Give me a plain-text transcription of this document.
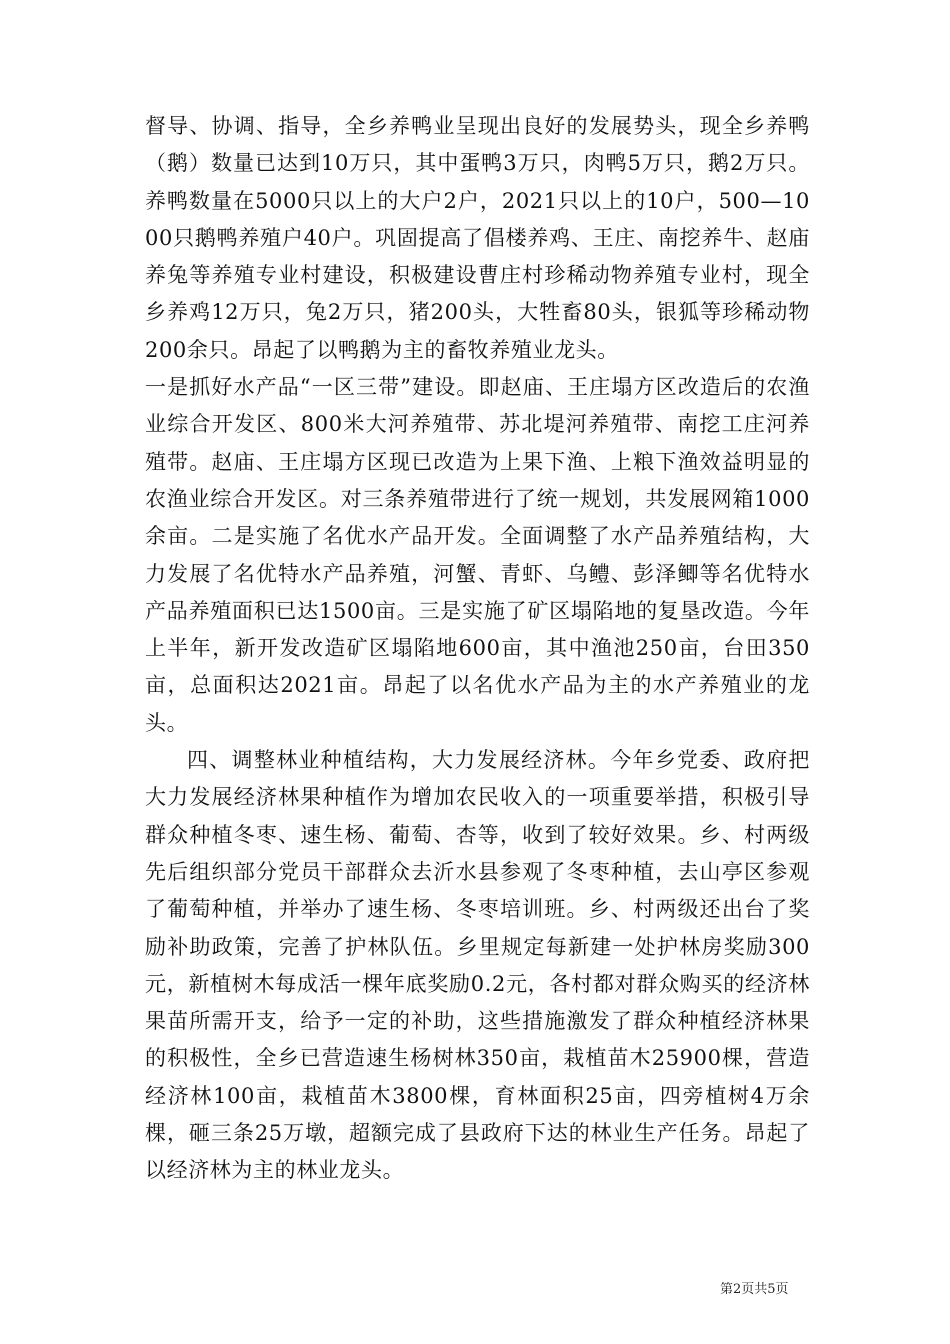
督导、协调、指导，全乡养鸭业呈现出良好的发展势头，现全乡养鸭（鹅）数量已达到10万只，其中蛋鸭3万只，肉鸭5万只，鹅2万只。养鸭数量在5000只以上的大户2户，2021只以上的10户，500—1000只鹅鸭养殖户40户。巩固提高了倡楼养鸡、王庄、南挖养牛、赵庙养兔等养殖专业村建设，积极建设曹庄村珍稀动物养殖专业村，现全乡养鸡12万只，兔2万只，猪200头，大牲畜80头，银狐等珍稀动物200余只。昂起了以鸭鹅为主的畜牧养殖业龙头。

一是抓好水产品“一区三带”建设。即赵庙、王庄塌方区改造后的农渔业综合开发区、800米大河养殖带、苏北堤河养殖带、南挖工庄河养殖带。赵庙、王庄塌方区现已改造为上果下渔、上粮下渔效益明显的农渔业综合开发区。对三条养殖带进行了统一规划，共发展网箱1000余亩。二是实施了名优水产品开发。全面调整了水产品养殖结构，大力发展了名优特水产品养殖，河蟹、青虾、乌鳢、彭泽鲫等名优特水产品养殖面积已达1500亩。三是实施了矿区塌陷地的复垦改造。今年上半年，新开发改造矿区塌陷地600亩，其中渔池250亩，台田350亩，总面积达2021亩。昂起了以名优水产品为主的水产养殖业的龙头。

四、调整林业种植结构，大力发展经济林。今年乡党委、政府把大力发展经济林果种植作为增加农民收入的一项重要举措，积极引导群众种植冬枣、速生杨、葡萄、杏等，收到了较好效果。乡、村两级先后组织部分党员干部群众去沂水县参观了冬枣种植，去山亭区参观了葡萄种植，并举办了速生杨、冬枣培训班。乡、村两级还出台了奖励补助政策，完善了护林队伍。乡里规定每新建一处护林房奖励300元，新植树木每成活一棵年底奖励0.2元，各村都对群众购买的经济林果苗所需开支，给予一定的补助，这些措施激发了群众种植经济林果的积极性，全乡已营造速生杨树林350亩，栽植苗木25900棵，营造经济林100亩，栽植苗木3800棵，育林面积25亩，四旁植树4万余棵，砸三条25万墩，超额完成了县政府下达的林业生产任务。昂起了以经济林为主的林业龙头。

第2页共5页
